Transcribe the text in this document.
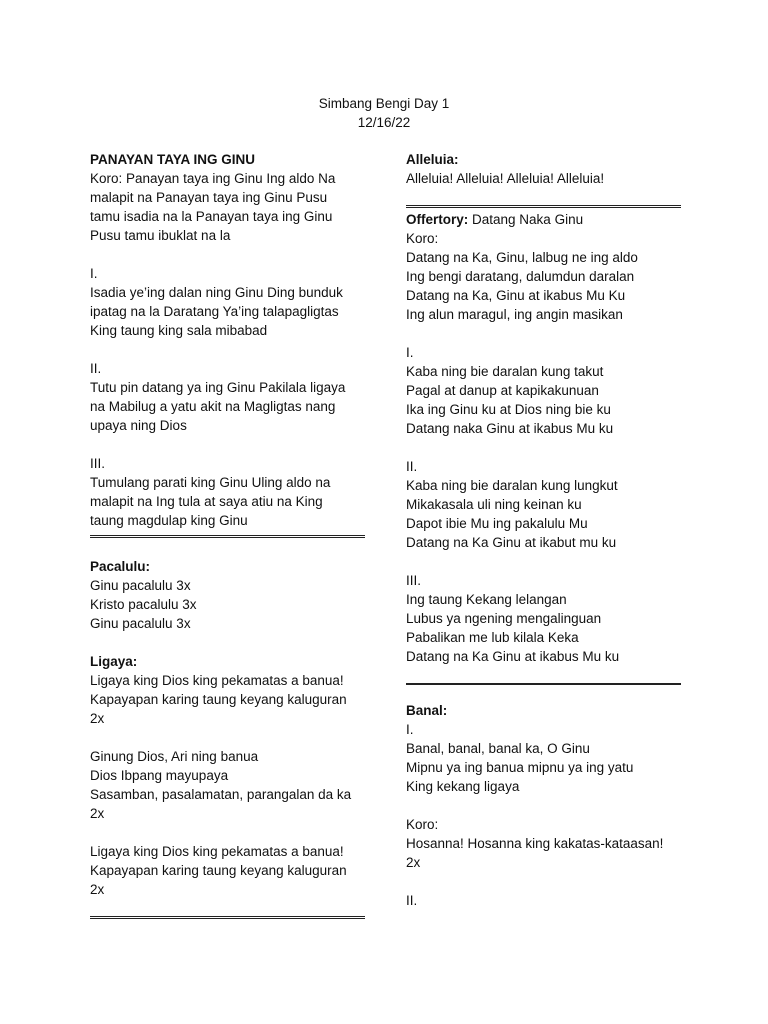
Simbang Bengi Day 1
12/16/22
PANAYAN TAYA ING GINU
Koro: Panayan taya ing Ginu Ing aldo Na
malapit na Panayan taya ing Ginu Pusu
tamu isadia na la Panayan taya ing Ginu
Pusu tamu ibuklat na la
I.
Isadia ye’ing dalan ning Ginu Ding bunduk
ipatag na la Daratang Ya’ing talapagligtas
King taung king sala mibabad
II.
Tutu pin datang ya ing Ginu Pakilala ligaya
na Mabilug a yatu akit na Magligtas nang
upaya ning Dios
III.
Tumulang parati king Ginu Uling aldo na
malapit na Ing tula at saya atiu na King
taung magdulap king Ginu
Pacalulu:
Ginu pacalulu 3x
Kristo pacalulu 3x
Ginu pacalulu 3x
Ligaya:
Ligaya king Dios king pekamatas a banua!
Kapayapan karing taung keyang kaluguran
2x
Ginung Dios, Ari ning banua
Dios Ibpang mayupaya
Sasamban, pasalamatan, parangalan da ka
2x
Ligaya king Dios king pekamatas a banua!
Kapayapan karing taung keyang kaluguran
2x
Alleluia:
Alleluia! Alleluia! Alleluia! Alleluia!
Offertory: Datang Naka Ginu
Koro:
Datang na Ka, Ginu, lalbug ne ing aldo
Ing bengi daratang, dalumdun daralan
Datang na Ka, Ginu at ikabus Mu Ku
Ing alun maragul, ing angin masikan
I.
Kaba ning bie daralan kung takut
Pagal at danup at kapikakunuan
Ika ing Ginu ku at Dios ning bie ku
Datang naka Ginu at ikabus Mu ku
II.
Kaba ning bie daralan kung lungkut
Mikakasala uli ning keinan ku
Dapot ibie Mu ing pakalulu Mu
Datang na Ka Ginu at ikabut mu ku
III.
Ing taung Kekang lelangan
Lubus ya ngening mengalinguan
Pabalikan me lub kilala Keka
Datang na Ka Ginu at ikabus Mu ku
Banal:
I.
Banal, banal, banal ka, O Ginu
Mipnu ya ing banua mipnu ya ing yatu
King kekang ligaya
Koro:
Hosanna! Hosanna king kakatas-kataasan!
2x
II.
